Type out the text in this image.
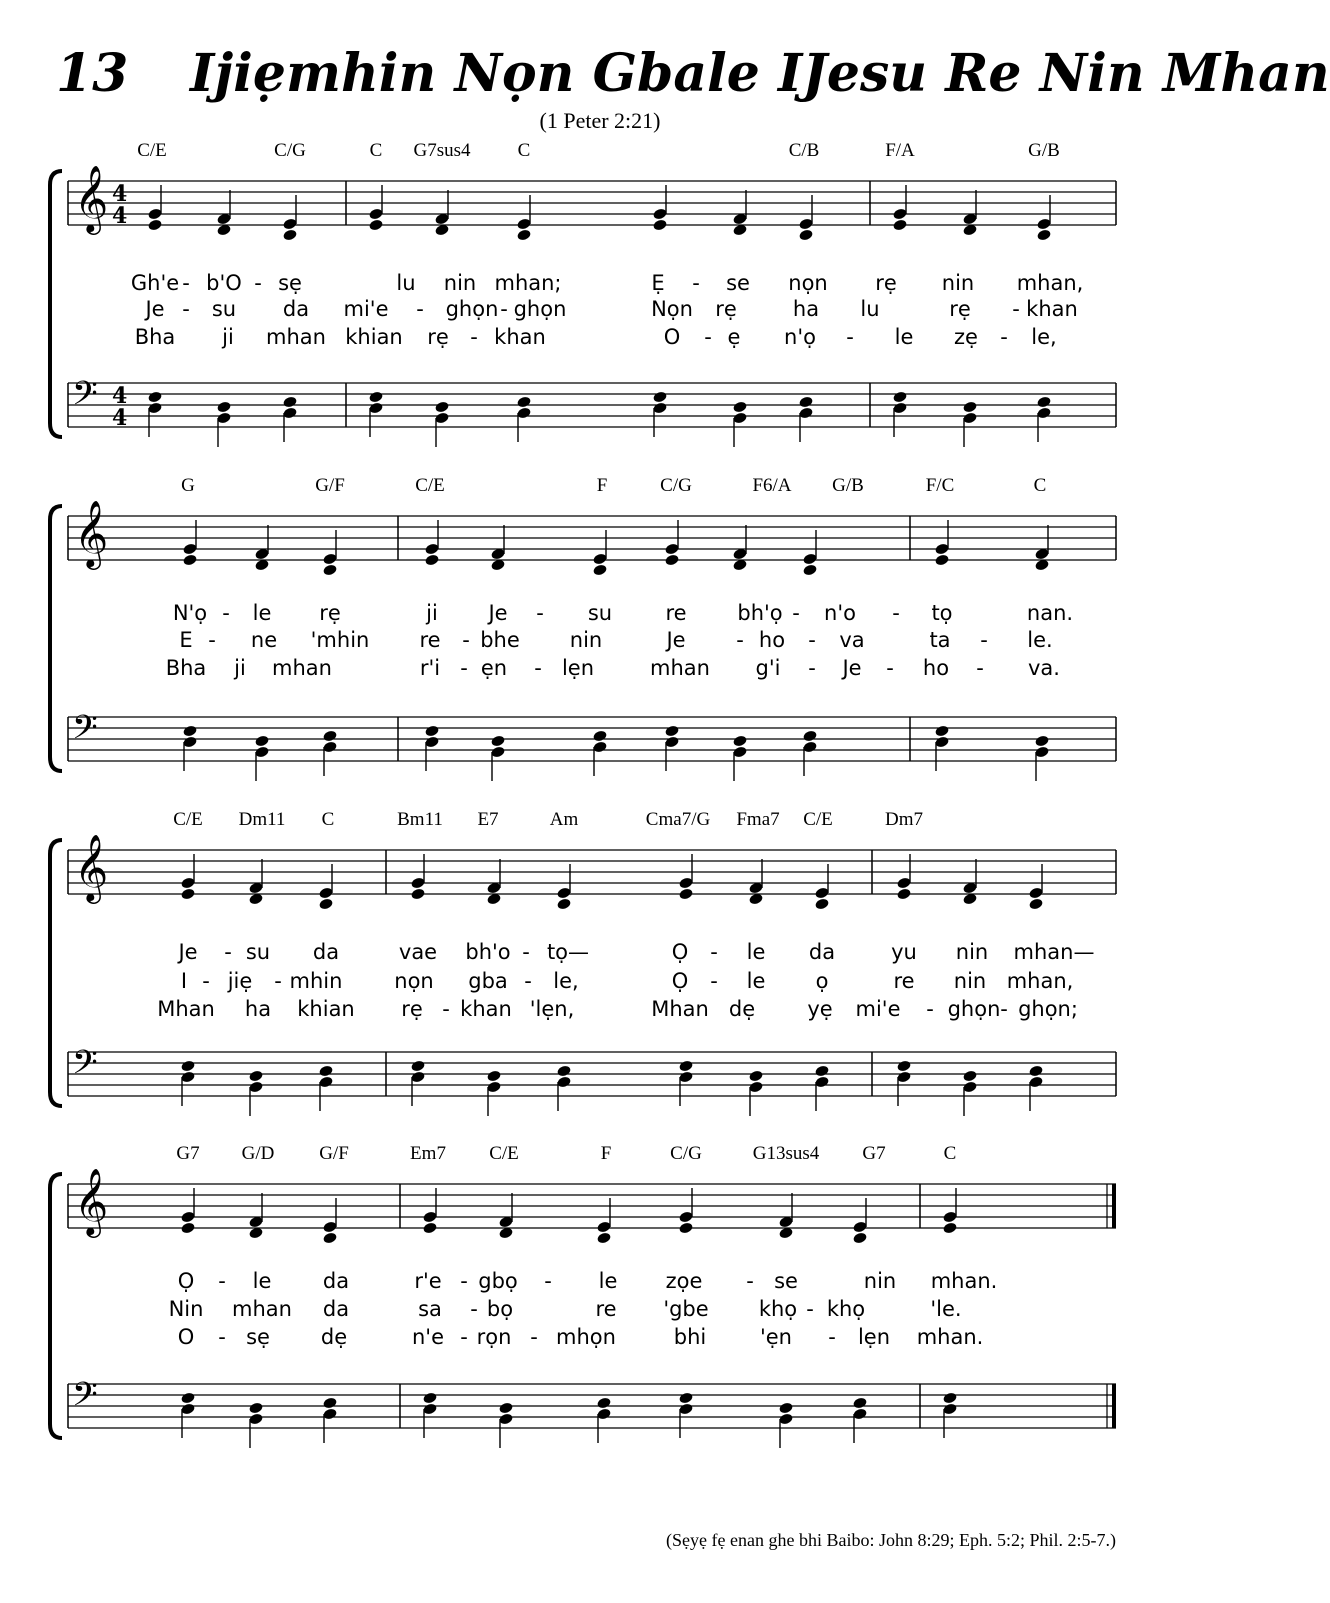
13 Ijiẹmhin Nọn Gbale IJesu Re Nin Mhan
(1 Peter 2:21)
C/E	C/G	C G7sus4 C	C/B	F/A	G/B
𝄞 4
4
𝄢 4
4
Gh'e - b'O - sẹ	lu nin mhan;	Ẹ - se nọn rẹ nin mhan,
Je - su da mi'e - ghọn - ghọn	Nọn rẹ	ha lu	rẹ - khan
Bha ji mhan khian rẹ - khan	O - ẹ n'ọ - le zẹ - le,
G	G/F	C/E	F	C/G	F6/A G/B	F/C	C
𝄞
𝄢
N'ọ - le rẹ	ji Je - su	re bh'ọ - n'o - tọ	nan.
E - ne 'mhin re - bhe nin	Je - ho - va	ta - le.
Bha ji mhan	r'i - ẹn - lẹn	mhan g'i - Je - ho - va.
C/E Dm11 C	Bm11 E7	Am	Cma7/G Fma7 C/E	Dm7
𝄞
𝄢
Je - su da	vae bh'o - tọ—	Ọ - le da	yu nin mhan—
I - jiẹ - mhin nọn gba - le,	Ọ - le ọ	re nin mhan,
Mhan ha khian rẹ - khan 'lẹn,	Mhan dẹ yẹ mi'e - ghọn - ghọn;
G7 G/D G/F	Em7 C/E	F	C/G	G13sus4 G7	C
𝄞
𝄢
Ọ - le da	r'e - gbọ - le zọe - se	nin mhan.
Nin mhan da	sa - bọ	re 'gbe khọ - khọ	'le.
O - sẹ dẹ	n'e - rọn - mhọn	bhi	'ẹn - lẹn mhan.
(Sẹyẹ fẹ enan ghe bhi Baibo: John 8:29; Eph. 5:2; Phil. 2:5-7.)
